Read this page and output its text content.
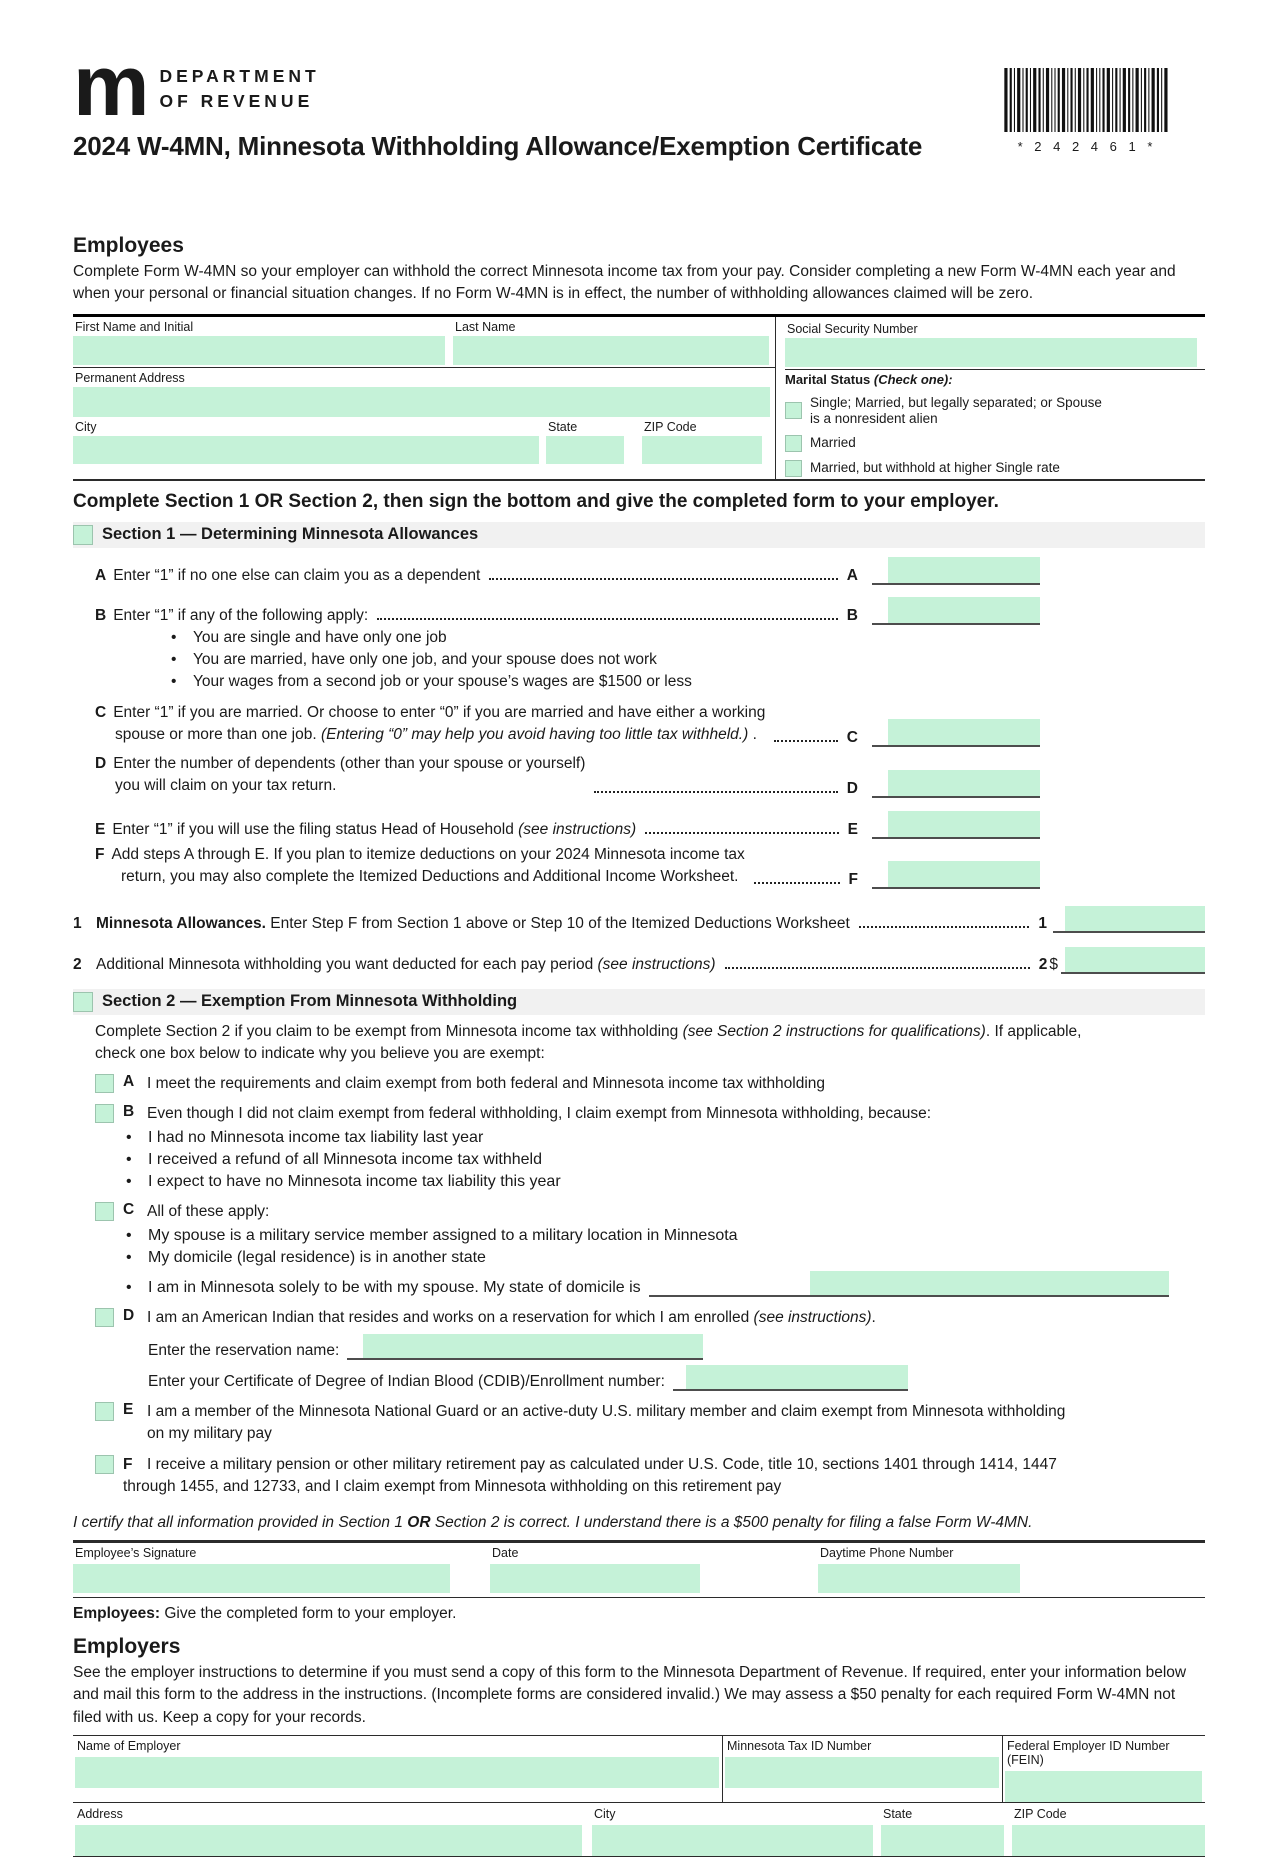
m DEPARTMENT
OF REVENUE
* 2 4 2 4 6 1 *
2024 W-4MN, Minnesota Withholding Allowance/Exemption Certificate
Employees
Complete Form W-4MN so your employer can withhold the correct Minnesota income tax from your pay. Consider completing a new Form W-4MN each year and when your personal or financial situation changes. If no Form W-4MN is in effect, the number of withholding allowances claimed will be zero.
First Name and Initial	Last Name
Permanent Address
City	State	ZIP Code
Social Security Number
Marital Status (Check one):
Single; Married, but legally separated; or Spouse is a nonresident alien
Married
Married, but withhold at higher Single rate
Complete Section 1 OR Section 2, then sign the bottom and give the completed form to your employer.
Section 1 — Determining Minnesota Allowances
A Enter “1” if no one else can claim you as a dependent	A
B Enter “1” if any of the following apply:	B
•	You are single and have only one job
•	You are married, have only one job, and your spouse does not work
•	Your wages from a second job or your spouse’s wages are $1500 or less
C Enter “1” if you are married. Or choose to enter “0” if you are married and have either a working
spouse or more than one job. (Entering “0” may help you avoid having too little tax withheld.) .	C
D Enter the number of dependents (other than your spouse or yourself)
you will claim on your tax return.	D
E Enter “1” if you will use the filing status Head of Household (see instructions)	E
F Add steps A through E. If you plan to itemize deductions on your 2024 Minnesota income tax
return, you may also complete the Itemized Deductions and Additional Income Worksheet.	F
1 Minnesota Allowances. Enter Step F from Section 1 above or Step 10 of the Itemized Deductions Worksheet	1
2 Additional Minnesota withholding you want deducted for each pay period (see instructions)	2 $
Section 2 — Exemption From Minnesota Withholding
Complete Section 2 if you claim to be exempt from Minnesota income tax withholding (see Section 2 instructions for qualifications). If applicable,
check one box below to indicate why you believe you are exempt:
A I meet the requirements and claim exempt from both federal and Minnesota income tax withholding
B Even though I did not claim exempt from federal withholding, I claim exempt from Minnesota withholding, because:
•	I had no Minnesota income tax liability last year
•	I received a refund of all Minnesota income tax withheld
•	I expect to have no Minnesota income tax liability this year
C All of these apply:
•	My spouse is a military service member assigned to a military location in Minnesota
•	My domicile (legal residence) is in another state
•	I am in Minnesota solely to be with my spouse. My state of domicile is
D I am an American Indian that resides and works on a reservation for which I am enrolled (see instructions).
Enter the reservation name:
Enter your Certificate of Degree of Indian Blood (CDIB)/Enrollment number:
E I am a member of the Minnesota National Guard or an active-duty U.S. military member and claim exempt from Minnesota withholding
on my military pay
F I receive a military pension or other military retirement pay as calculated under U.S. Code, title 10, sections 1401 through 1414, 1447
through 1455, and 12733, and I claim exempt from Minnesota withholding on this retirement pay
I certify that all information provided in Section 1 OR Section 2 is correct. I understand there is a $500 penalty for filing a false Form W-4MN.
Employee’s Signature	Date	Daytime Phone Number
Employees: Give the completed form to your employer.
Employers
See the employer instructions to determine if you must send a copy of this form to the Minnesota Department of Revenue. If required, enter your information below and mail this form to the address in the instructions. (Incomplete forms are considered invalid.) We may assess a $50 penalty for each required Form W-4MN not filed with us. Keep a copy for your records.
Name of Employer	Minnesota Tax ID Number	Federal Employer ID Number (FEIN)
Address	City	State	ZIP Code
